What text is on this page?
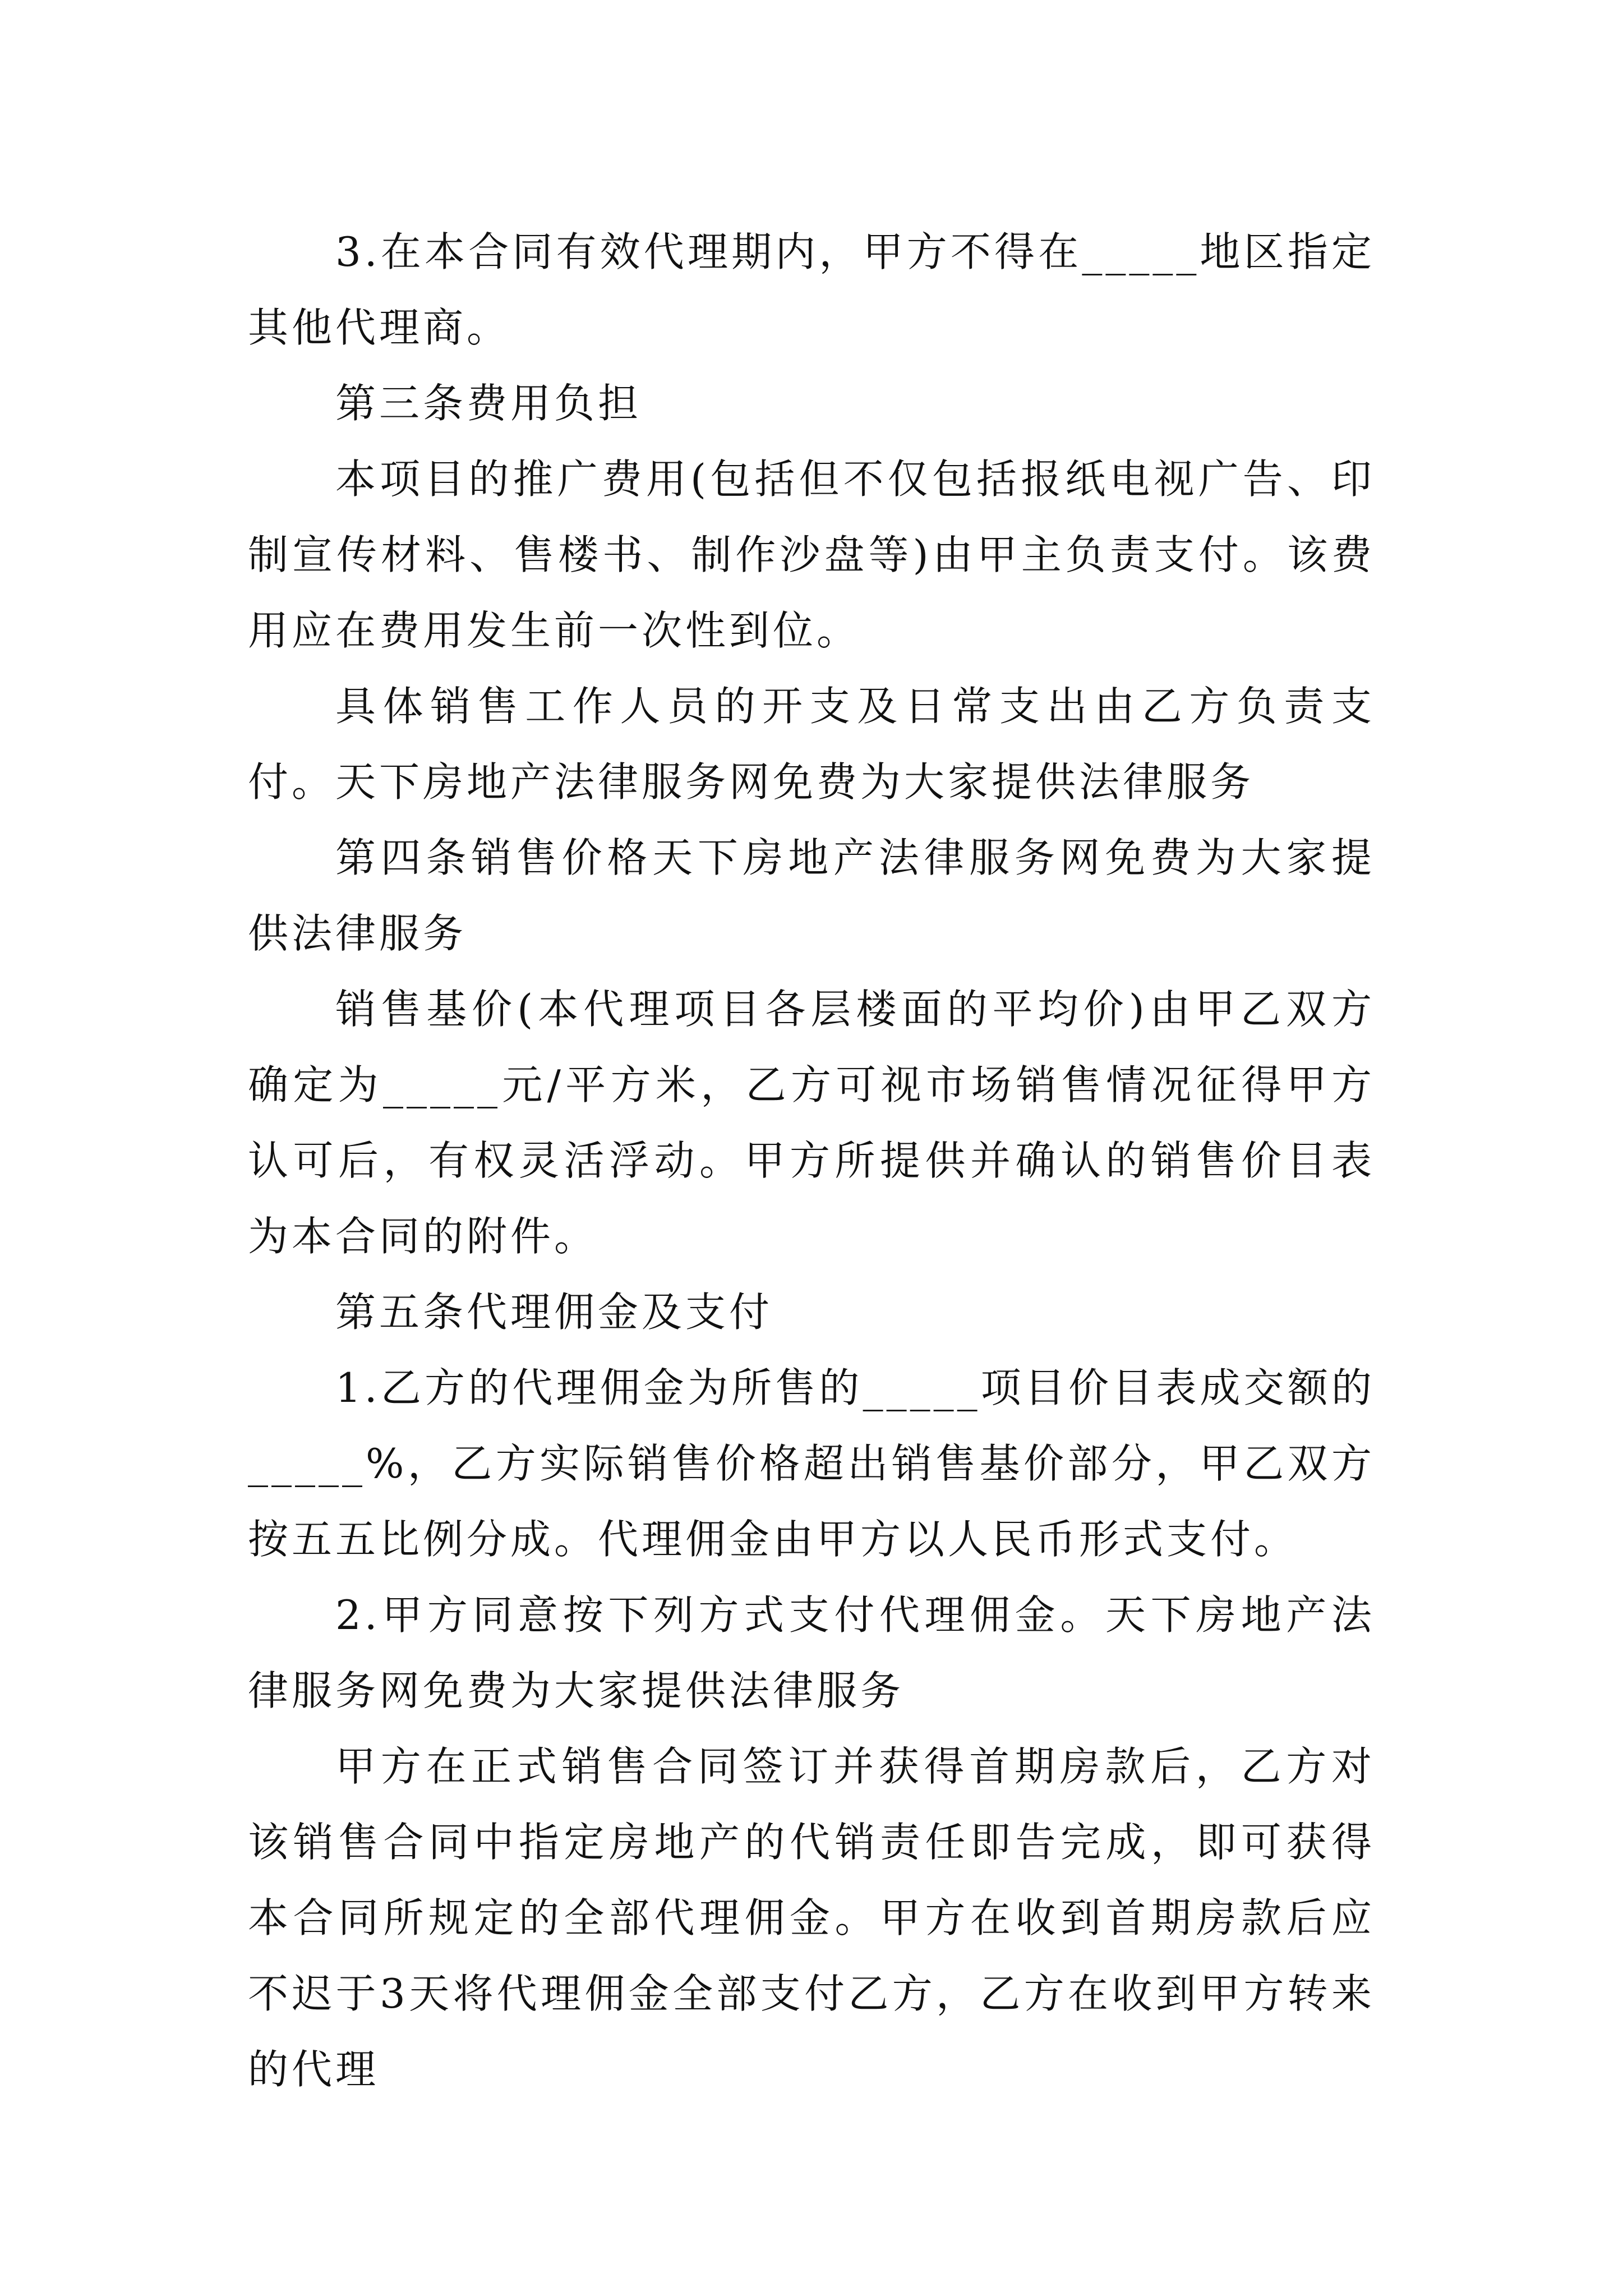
3.在本合同有效代理期内，甲方不得在_____地区指定其他代理商。

第三条费用负担

本项目的推广费用(包括但不仅包括报纸电视广告、印制宣传材料、售楼书、制作沙盘等)由甲主负责支付。该费用应在费用发生前一次性到位。

具体销售工作人员的开支及日常支出由乙方负责支付。天下房地产法律服务网免费为大家提供法律服务

第四条销售价格天下房地产法律服务网免费为大家提供法律服务

销售基价(本代理项目各层楼面的平均价)由甲乙双方确定为_____元/平方米，乙方可视市场销售情况征得甲方认可后，有权灵活浮动。甲方所提供并确认的销售价目表为本合同的附件。

第五条代理佣金及支付

1.乙方的代理佣金为所售的_____项目价目表成交额的_____%，乙方实际销售价格超出销售基价部分，甲乙双方按五五比例分成。代理佣金由甲方以人民币形式支付。

2.甲方同意按下列方式支付代理佣金。天下房地产法律服务网免费为大家提供法律服务

甲方在正式销售合同签订并获得首期房款后，乙方对该销售合同中指定房地产的代销责任即告完成，即可获得本合同所规定的全部代理佣金。甲方在收到首期房款后应不迟于3天将代理佣金全部支付乙方，乙方在收到甲方转来的代理
